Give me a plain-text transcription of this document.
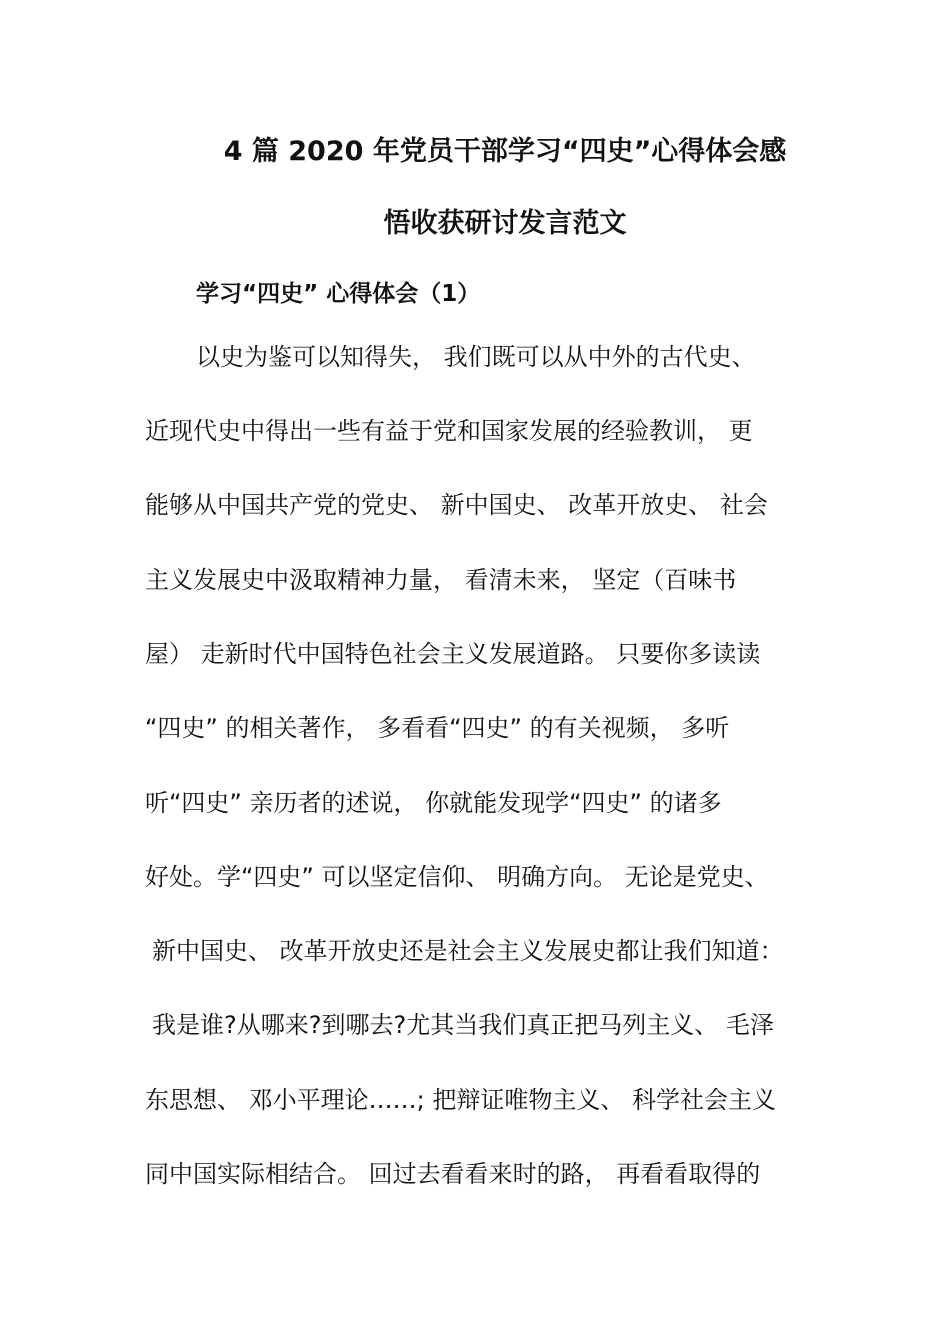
4 篇 2020 年党员干部学习“四史”心得体会感
悟收获研讨发言范文
学习“四史” 心得体会（1）
以史为鉴可以知得失， 我们既可以从中外的古代史、
近现代史中得出一些有益于党和国家发展的经验教训， 更
能够从中国共产党的党史、 新中国史、 改革开放史、 社会
主义发展史中汲取精神力量， 看清未来， 坚定（百味书
屋） 走新时代中国特色社会主义发展道路。 只要你多读读
“四史” 的相关著作， 多看看“四史” 的有关视频， 多听
听“四史” 亲历者的述说， 你就能发现学“四史” 的诸多
好处。学“四史” 可以坚定信仰、 明确方向。 无论是党史、
新中国史、 改革开放史还是社会主义发展史都让我们知道：
我是谁?从哪来?到哪去?尤其当我们真正把马列主义、 毛泽
东思想、 邓小平理论……; 把辩证唯物主义、 科学社会主义
同中国实际相结合。 回过去看看来时的路， 再看看取得的
